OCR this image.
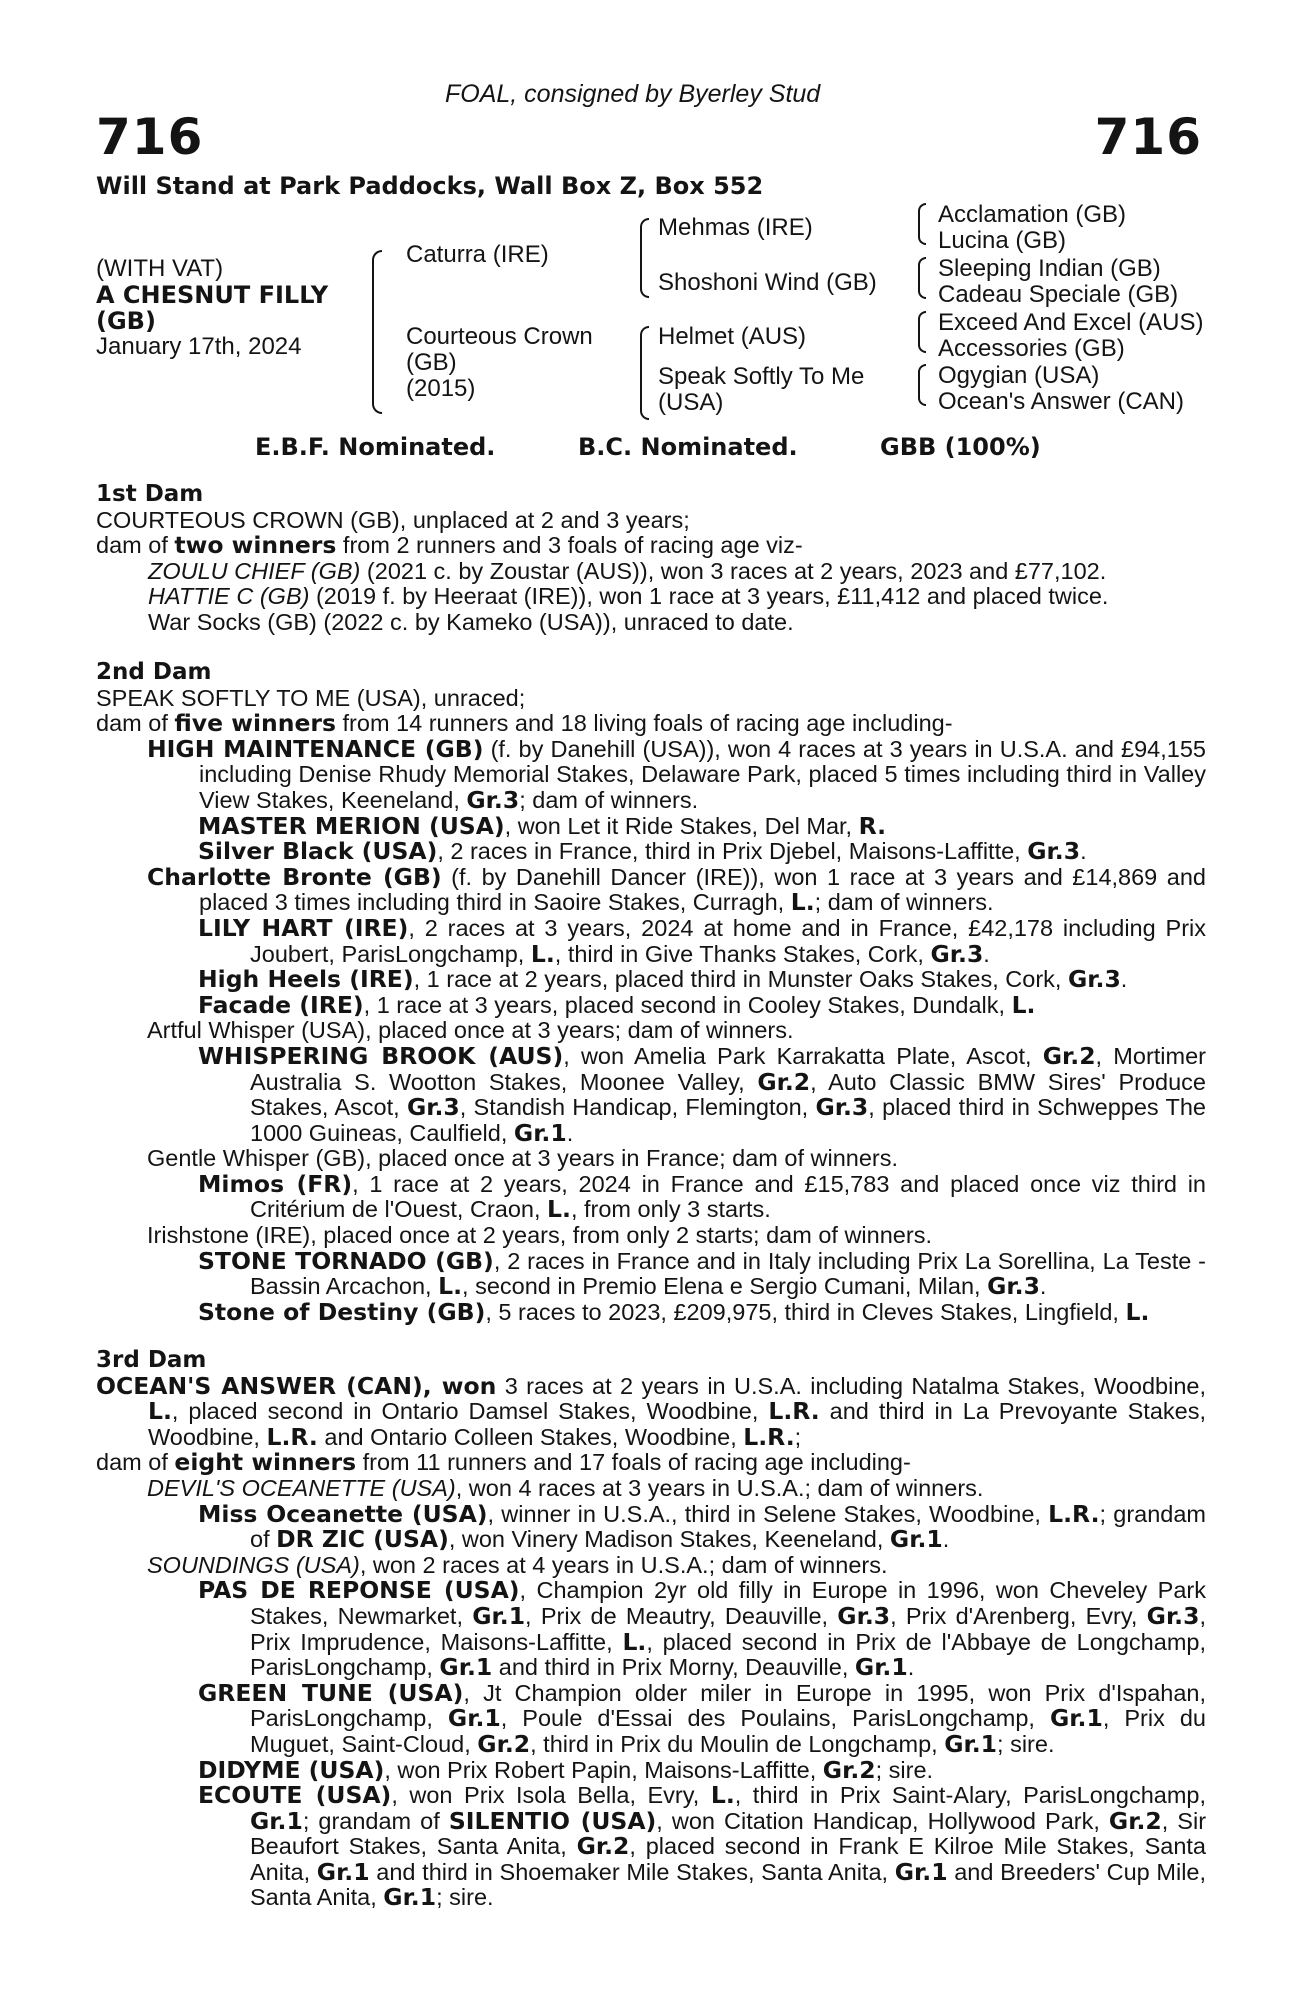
FOAL, consigned by Byerley Stud
716	716
Will Stand at Park Paddocks, Wall Box Z, Box 552
(WITH VAT)
A CHESNUT FILLY
(GB)
January 17th, 2024
Caturra (IRE)
Courteous Crown
(GB)
(2015)
Mehmas (IRE)
Shoshoni Wind (GB)
Helmet (AUS)
Speak Softly To Me
(USA)
Acclamation (GB)
Lucina (GB)
Sleeping Indian (GB)
Cadeau Speciale (GB)
Exceed And Excel (AUS)
Accessories (GB)
Ogygian (USA)
Ocean's Answer (CAN)
E.B.F. Nominated.	B.C. Nominated.	GBB (100%)

1st Dam

COURTEOUS CROWN (GB), unplaced at 2 and 3 years;

dam of two winners from 2 runners and 3 foals of racing age viz-

ZOULU CHIEF (GB) (2021 c. by Zoustar (AUS)), won 3 races at 2 years, 2023 and £77,102.

HATTIE C (GB) (2019 f. by Heeraat (IRE)), won 1 race at 3 years, £11,412 and placed twice.

War Socks (GB) (2022 c. by Kameko (USA)), unraced to date.

2nd Dam

SPEAK SOFTLY TO ME (USA), unraced;

dam of five winners from 14 runners and 18 living foals of racing age including-

HIGH MAINTENANCE (GB) (f. by Danehill (USA)), won 4 races at 3 years in U.S.A. and £94,155 including Denise Rhudy Memorial Stakes, Delaware Park, placed 5 times including third in Valley View Stakes, Keeneland, Gr.3; dam of winners.

MASTER MERION (USA), won Let it Ride Stakes, Del Mar, R.

Silver Black (USA), 2 races in France, third in Prix Djebel, Maisons-Laffitte, Gr.3.

Charlotte Bronte (GB) (f. by Danehill Dancer (IRE)), won 1 race at 3 years and £14,869 and placed 3 times including third in Saoire Stakes, Curragh, L.; dam of winners.

LILY HART (IRE), 2 races at 3 years, 2024 at home and in France, £42,178 including Prix Joubert, ParisLongchamp, L., third in Give Thanks Stakes, Cork, Gr.3.

High Heels (IRE), 1 race at 2 years, placed third in Munster Oaks Stakes, Cork, Gr.3.

Facade (IRE), 1 race at 3 years, placed second in Cooley Stakes, Dundalk, L.

Artful Whisper (USA), placed once at 3 years; dam of winners.

WHISPERING BROOK (AUS), won Amelia Park Karrakatta Plate, Ascot, Gr.2, Mortimer Australia S. Wootton Stakes, Moonee Valley, Gr.2, Auto Classic BMW Sires' Produce Stakes, Ascot, Gr.3, Standish Handicap, Flemington, Gr.3, placed third in Schweppes The 1000 Guineas, Caulfield, Gr.1.

Gentle Whisper (GB), placed once at 3 years in France; dam of winners.

Mimos (FR), 1 race at 2 years, 2024 in France and £15,783 and placed once viz third in Critérium de l'Ouest, Craon, L., from only 3 starts.

Irishstone (IRE), placed once at 2 years, from only 2 starts; dam of winners.

STONE TORNADO (GB), 2 races in France and in Italy including Prix La Sorellina, La Teste - Bassin Arcachon, L., second in Premio Elena e Sergio Cumani, Milan, Gr.3.

Stone of Destiny (GB), 5 races to 2023, £209,975, third in Cleves Stakes, Lingfield, L.

3rd Dam

OCEAN'S ANSWER (CAN), won 3 races at 2 years in U.S.A. including Natalma Stakes, Woodbine, L., placed second in Ontario Damsel Stakes, Woodbine, L.R. and third in La Prevoyante Stakes, Woodbine, L.R. and Ontario Colleen Stakes, Woodbine, L.R.;

dam of eight winners from 11 runners and 17 foals of racing age including-

DEVIL'S OCEANETTE (USA), won 4 races at 3 years in U.S.A.; dam of winners.

Miss Oceanette (USA), winner in U.S.A., third in Selene Stakes, Woodbine, L.R.; grandam of DR ZIC (USA), won Vinery Madison Stakes, Keeneland, Gr.1.

SOUNDINGS (USA), won 2 races at 4 years in U.S.A.; dam of winners.

PAS DE REPONSE (USA), Champion 2yr old filly in Europe in 1996, won Cheveley Park Stakes, Newmarket, Gr.1, Prix de Meautry, Deauville, Gr.3, Prix d'Arenberg, Evry, Gr.3, Prix Imprudence, Maisons-Laffitte, L., placed second in Prix de l'Abbaye de Longchamp, ParisLongchamp, Gr.1 and third in Prix Morny, Deauville, Gr.1.

GREEN TUNE (USA), Jt Champion older miler in Europe in 1995, won Prix d'Ispahan, ParisLongchamp, Gr.1, Poule d'Essai des Poulains, ParisLongchamp, Gr.1, Prix du Muguet, Saint-Cloud, Gr.2, third in Prix du Moulin de Longchamp, Gr.1; sire.

DIDYME (USA), won Prix Robert Papin, Maisons-Laffitte, Gr.2; sire.

ECOUTE (USA), won Prix Isola Bella, Evry, L., third in Prix Saint-Alary, ParisLongchamp, Gr.1; grandam of SILENTIO (USA), won Citation Handicap, Hollywood Park, Gr.2, Sir Beaufort Stakes, Santa Anita, Gr.2, placed second in Frank E Kilroe Mile Stakes, Santa Anita, Gr.1 and third in Shoemaker Mile Stakes, Santa Anita, Gr.1 and Breeders' Cup Mile, Santa Anita, Gr.1; sire.
